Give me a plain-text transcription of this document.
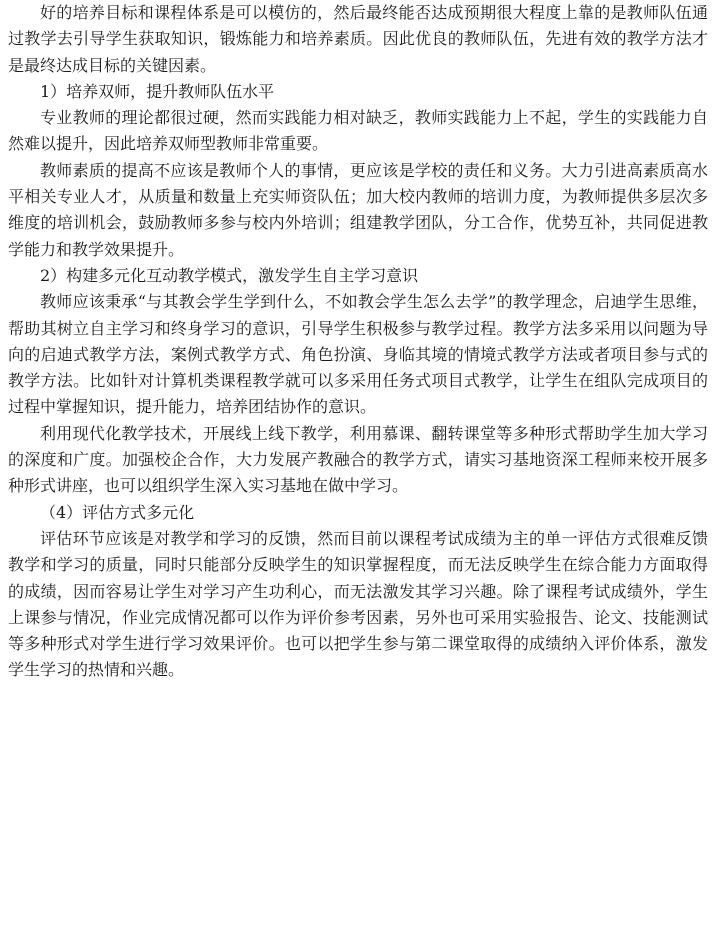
好的培养目标和课程体系是可以模仿的，然后最终能否达成预期很大程度上靠的是教师队伍通过教学去引导学生获取知识，锻炼能力和培养素质。因此优良的教师队伍，先进有效的教学方法才是最终达成目标的关键因素。

1）培养双师，提升教师队伍水平

专业教师的理论都很过硬，然而实践能力相对缺乏，教师实践能力上不起，学生的实践能力自然难以提升，因此培养双师型教师非常重要。

教师素质的提高不应该是教师个人的事情，更应该是学校的责任和义务。大力引进高素质高水平相关专业人才，从质量和数量上充实师资队伍；加大校内教师的培训力度，为教师提供多层次多维度的培训机会，鼓励教师多参与校内外培训；组建教学团队，分工合作，优势互补，共同促进教学能力和教学效果提升。

2）构建多元化互动教学模式，激发学生自主学习意识

教师应该秉承“与其教会学生学到什么，不如教会学生怎么去学”的教学理念，启迪学生思维，帮助其树立自主学习和终身学习的意识，引导学生积极参与教学过程。教学方法多采用以问题为导向的启迪式教学方法，案例式教学方式、角色扮演、身临其境的情境式教学方法或者项目参与式的教学方法。比如针对计算机类课程教学就可以多采用任务式项目式教学，让学生在组队完成项目的过程中掌握知识，提升能力，培养团结协作的意识。

利用现代化教学技术，开展线上线下教学，利用慕课、翻转课堂等多种形式帮助学生加大学习的深度和广度。加强校企合作，大力发展产教融合的教学方式，请实习基地资深工程师来校开展多种形式讲座，也可以组织学生深入实习基地在做中学习。

（4）评估方式多元化

评估环节应该是对教学和学习的反馈，然而目前以课程考试成绩为主的单一评估方式很难反馈教学和学习的质量，同时只能部分反映学生的知识掌握程度，而无法反映学生在综合能力方面取得的成绩，因而容易让学生对学习产生功利心，而无法激发其学习兴趣。除了课程考试成绩外，学生上课参与情况，作业完成情况都可以作为评价参考因素，另外也可采用实验报告、论文、技能测试等多种形式对学生进行学习效果评价。也可以把学生参与第二课堂取得的成绩纳入评价体系，激发学生学习的热情和兴趣。
